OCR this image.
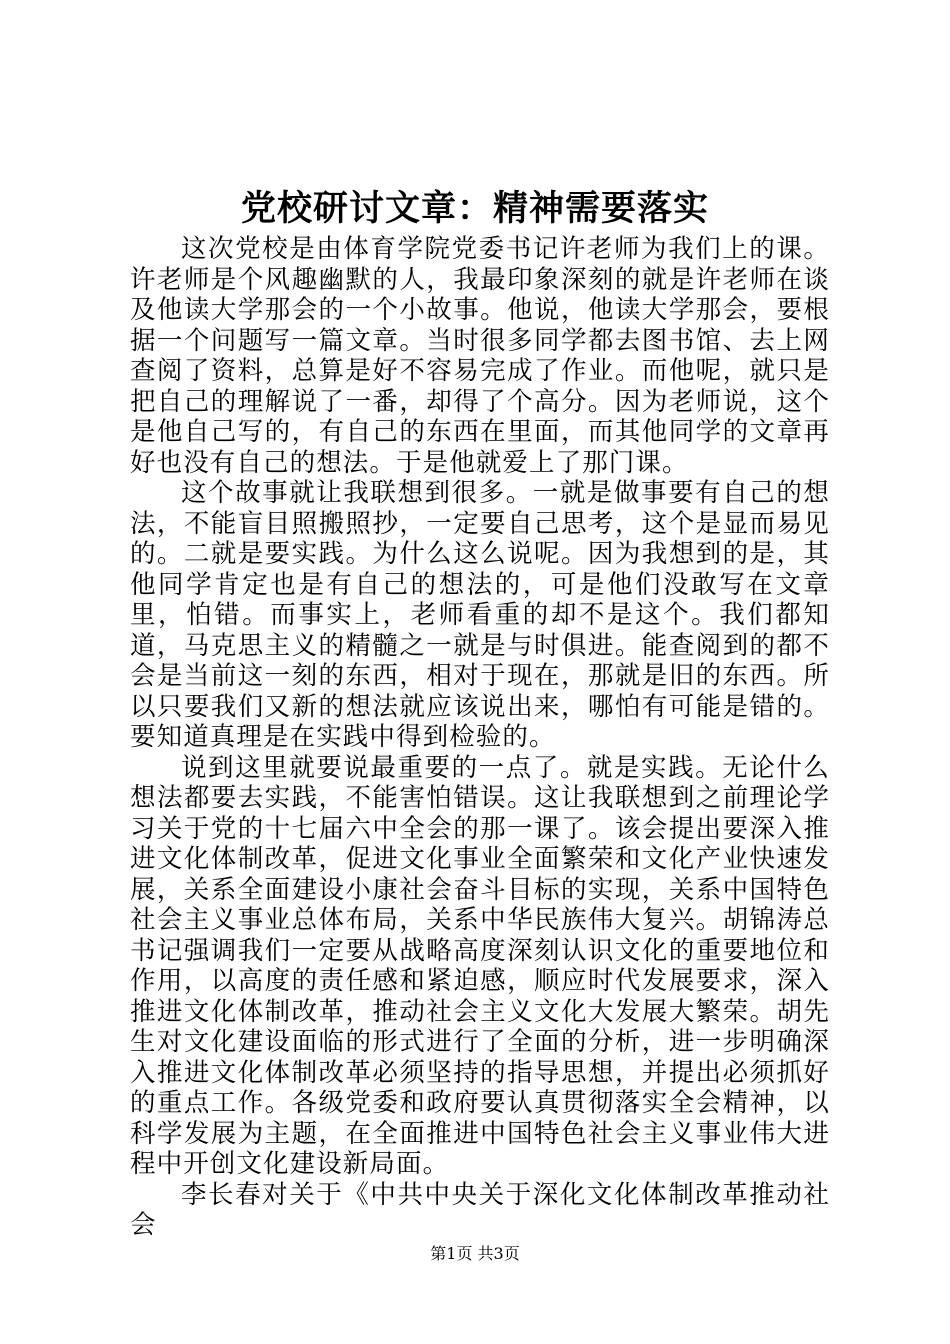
党校研讨文章：精神需要落实

这次党校是由体育学院党委书记许老师为我们上的课。许老师是个风趣幽默的人，我最印象深刻的就是许老师在谈及他读大学那会的一个小故事。他说，他读大学那会，要根据一个问题写一篇文章。当时很多同学都去图书馆、去上网查阅了资料，总算是好不容易完成了作业。而他呢，就只是把自己的理解说了一番，却得了个高分。因为老师说，这个是他自己写的，有自己的东西在里面，而其他同学的文章再好也没有自己的想法。于是他就爱上了那门课。

这个故事就让我联想到很多。一就是做事要有自己的想法，不能盲目照搬照抄，一定要自己思考，这个是显而易见的。二就是要实践。为什么这么说呢。因为我想到的是，其他同学肯定也是有自己的想法的，可是他们没敢写在文章里，怕错。而事实上，老师看重的却不是这个。我们都知道，马克思主义的精髓之一就是与时俱进。能查阅到的都不会是当前这一刻的东西，相对于现在，那就是旧的东西。所以只要我们又新的想法就应该说出来，哪怕有可能是错的。要知道真理是在实践中得到检验的。

说到这里就要说最重要的一点了。就是实践。无论什么想法都要去实践，不能害怕错误。这让我联想到之前理论学习关于党的十七届六中全会的那一课了。该会提出要深入推进文化体制改革，促进文化事业全面繁荣和文化产业快速发展，关系全面建设小康社会奋斗目标的实现，关系中国特色社会主义事业总体布局，关系中华民族伟大复兴。胡锦涛总书记强调我们一定要从战略高度深刻认识文化的重要地位和作用，以高度的责任感和紧迫感，顺应时代发展要求，深入推进文化体制改革，推动社会主义文化大发展大繁荣。胡先生对文化建设面临的形式进行了全面的分析，进一步明确深入推进文化体制改革必须坚持的指导思想，并提出必须抓好的重点工作。各级党委和政府要认真贯彻落实全会精神，以科学发展为主题，在全面推进中国特色社会主义事业伟大进程中开创文化建设新局面。

李长春对关于《中共中央关于深化文化体制改革推动社会

第1页 共3页
